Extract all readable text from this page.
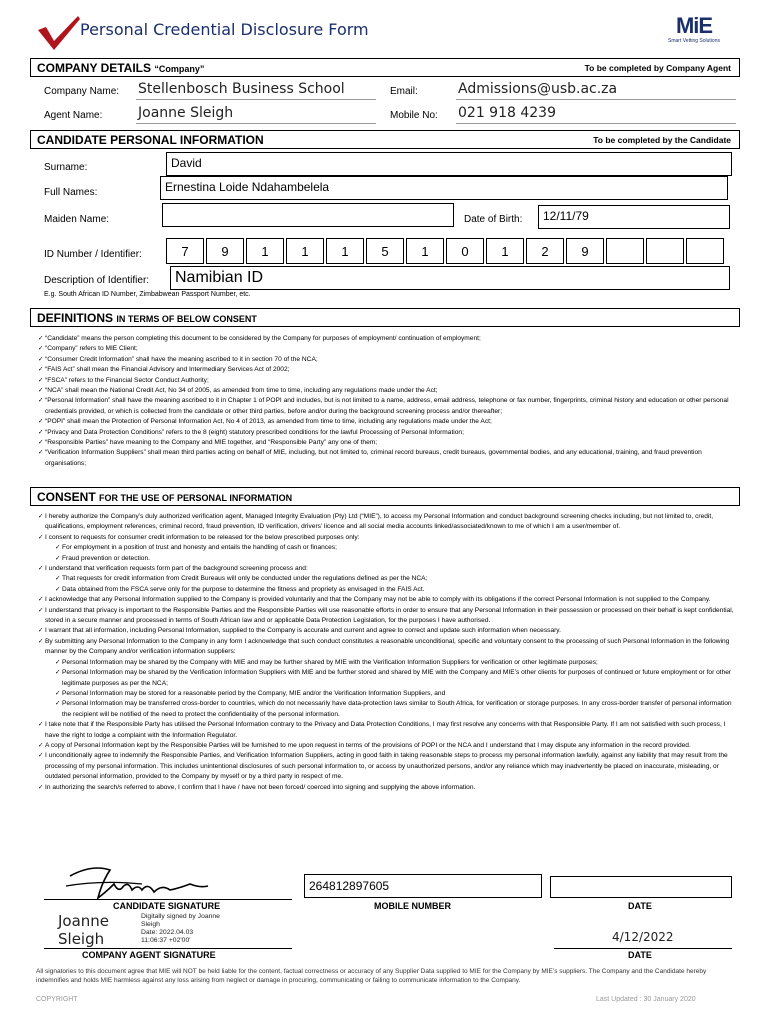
Personal Credential Disclosure Form	MiE
Smart Vetting Solutions
COMPANY DETAILS “Company”	To be completed by Company Agent
Company Name: Stellenbosch Business School	Email:	Admissions@usb.ac.za
Agent Name:	Joanne Sleigh	Mobile No: 021 918 4239
CANDIDATE PERSONAL INFORMATION	To be completed by the Candidate
Surname:	David
Full Names:	Ernestina Loide Ndahambelela
Maiden Name:	Date of Birth:	12/11/79
ID Number / Identifier:	7	9	1	1	1	5	1	0	1	2	9
Description of Identifier:	Namibian ID
E.g. South African ID Number, Zimbabwean Passport Number, etc.
DEFINITIONS IN TERMS OF BELOW CONSENT
✓ “Candidate” means the person completing this document to be considered by the Company for purposes of employment/ continuation of employment;
✓ “Company” refers to MIE Client;
✓ “Consumer Credit Information” shall have the meaning ascribed to it in section 70 of the NCA;
✓ “FAIS Act” shall mean the Financial Advisory and Intermediary Services Act of 2002;
✓ “FSCA” refers to the Financial Sector Conduct Authority;
✓ “NCA” shall mean the National Credit Act, No 34 of 2005, as amended from time to time, including any regulations made under the Act;
✓ “Personal Information” shall have the meaning ascribed to it in Chapter 1 of POPI and includes, but is not limited to a name, address, email address, telephone or fax number, fingerprints, criminal history and education or other personal credentials provided, or which is collected from the candidate or other third parties, before and/or during the background screening process and/or thereafter;
✓ “POPI” shall mean the Protection of Personal Information Act, No 4 of 2013, as amended from time to time, including any regulations made under the Act;
✓ “Privacy and Data Protection Conditions” refers to the 8 (eight) statutory prescribed conditions for the lawful Processing of Personal Information;
✓ “Responsible Parties” have meaning to the Company and MIE together, and “Responsible Party” any one of them;
✓ “Verification Information Suppliers” shall mean third parties acting on behalf of MIE, including, but not limited to, criminal record bureaus, credit bureaus, governmental bodies, and any educational, training, and fraud prevention organisations;
CONSENT FOR THE USE OF PERSONAL INFORMATION
✓ I hereby authorize the Company’s duly authorized verification agent, Managed Integrity Evaluation (Pty) Ltd (“MIE”), to access my Personal Information and conduct background screening checks including, but not limited to, credit, qualifications, employment references, criminal record, fraud prevention, ID verification, drivers’ licence and all social media accounts linked/associated/known to me of which I am a user/member of.
✓ I consent to requests for consumer credit information to be released for the below prescribed purposes only:
✓ For employment in a position of trust and honesty and entails the handling of cash or finances;
✓ Fraud prevention or detection.
✓ I understand that verification requests form part of the background screening process and:
✓ That requests for credit information from Credit Bureaus will only be conducted under the regulations defined as per the NCA;
✓ Data obtained from the FSCA serve only for the purpose to determine the fitness and propriety as envisaged in the FAIS Act.
✓ I acknowledge that any Personal Information supplied to the Company is provided voluntarily and that the Company may not be able to comply with its obligations if the correct Personal Information is not supplied to the Company.
✓ I understand that privacy is important to the Responsible Parties and the Responsible Parties will use reasonable efforts in order to ensure that any Personal Information in their possession or processed on their behalf is kept confidential, stored in a secure manner and processed in terms of South African law and or applicable Data Protection Legislation, for the purposes I have authorised.
✓ I warrant that all information, including Personal Information, supplied to the Company is accurate and current and agree to correct and update such information when necessary.
✓ By submitting any Personal Information to the Company in any form I acknowledge that such conduct constitutes a reasonable unconditional, specific and voluntary consent to the processing of such Personal Information in the following manner by the Company and/or verification information suppliers:
✓ Personal Information may be shared by the Company with MIE and may be further shared by MIE with the Verification Information Suppliers for verification or other legitimate purposes;
✓ Personal Information may be shared by the Verification Information Suppliers with MIE and be further stored and shared by MIE with the Company and MIE’s other clients for purposes of continued or future employment or for other legitimate purposes as per the NCA;
✓ Personal Information may be stored for a reasonable period by the Company, MIE and/or the Verification Information Suppliers, and
✓ Personal Information may be transferred cross-border to countries, which do not necessarily have data-protection laws similar to South Africa, for verification or storage purposes. In any cross-border transfer of personal information the recipient will be notified of the need to protect the confidentiality of the personal information.
✓ I take note that if the Responsible Party has utilised the Personal Information contrary to the Privacy and Data Protection Conditions, I may first resolve any concerns with that Responsible Party. If I am not satisfied with such process, I have the right to lodge a complaint with the Information Regulator.
✓ A copy of Personal Information kept by the Responsible Parties will be furnished to me upon request in terms of the provisions of POPI or the NCA and I understand that I may dispute any information in the record provided.
✓ I unconditionally agree to indemnify the Responsible Parties, and Verification Information Suppliers, acting in good faith in taking reasonable steps to process my personal information lawfully, against any liability that may result from the processing of my personal information. This includes unintentional disclosures of such personal information to, or access by unauthorized persons, and/or any reliance which may inadvertently be placed on inaccurate, misleading, or outdated personal information, provided to the Company by myself or by a third party in respect of me.
✓ In authorizing the search/s referred to above, I confirm that I have / have not been forced/ coerced into signing and supplying the above information.
264812897605
CANDIDATE SIGNATURE	MOBILE NUMBER	DATE
Joanne
Sleigh
Digitally signed by Joanne
Sleigh
Date: 2022.04.03
11:06:37 +02'00'	4/12/2022
COMPANY AGENT SIGNATURE	DATE
All signatories to this document agree that MIE will NOT be held liable for the content, factual correctness or accuracy of any Supplier Data supplied to MIE for the Company by MIE’s suppliers. The Company and the Candidate hereby indemnifies and holds MIE harmless against any loss arising from neglect or damage in procuring, communicating or failing to communicate information to the Company.
COPYRIGHT	Last Updated : 30 January 2020
